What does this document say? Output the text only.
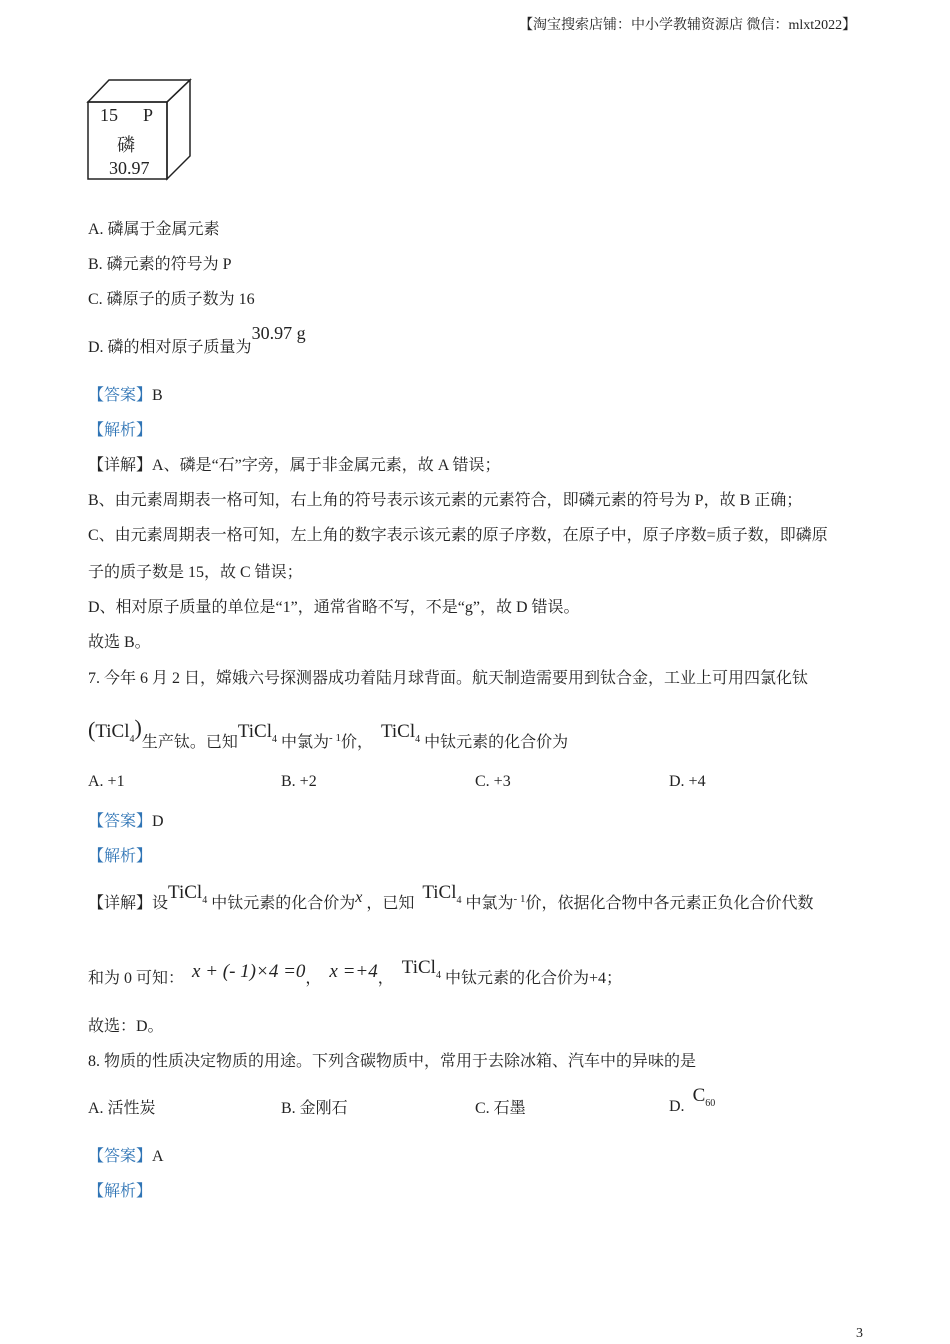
【淘宝搜索店铺：中小学教辅资源店 微信：mlxt2022】
15 P
磷
30.97
A. 磷属于金属元素
B. 磷元素的符号为 P
C. 磷原子的质子数为 16
D. 磷的相对原子质量为30.97 g
【答案】B
【解析】
【详解】A、磷是“石”字旁，属于非金属元素，故 A 错误；
B、由元素周期表一格可知，右上角的符号表示该元素的元素符合，即磷元素的符号为 P，故 B 正确；
C、由元素周期表一格可知，左上角的数字表示该元素的原子序数，在原子中，原子序数=质子数，即磷原
子的质子数是 15，故 C 错误；
D、相对原子质量的单位是“1”，通常省略不写，不是“g”，故 D 错误。
故选 B。
7. 今年 6 月 2 日，嫦娥六号探测器成功着陆月球背面。航天制造需要用到钛合金，工业上可用四氯化钛
(TiCl$_4$)生产钛。已知TiCl$_4$ 中氯为$^{- 1}$价，  TiCl$_4$ 中钛元素的化合价为
A. +1	B. +2	C. +3	D. +4
【答案】D
【解析】
【详解】设TiCl$_4$ 中钛元素的化合价为x ，已知  TiCl$_4$ 中氯为$^{- 1}$价，依据化合物中各元素正负化合价代数
和为 0 可知： x + (- 1)×4 =0， x =+4，  TiCl$_4$ 中钛元素的化合价为+4；
故选：D。
8. 物质的性质决定物质的用途。下列含碳物质中，常用于去除冰箱、汽车中的异味的是
A. 活性炭	B. 金刚石	C. 石墨	D.  $C_{60}$
【答案】A
【解析】
3
